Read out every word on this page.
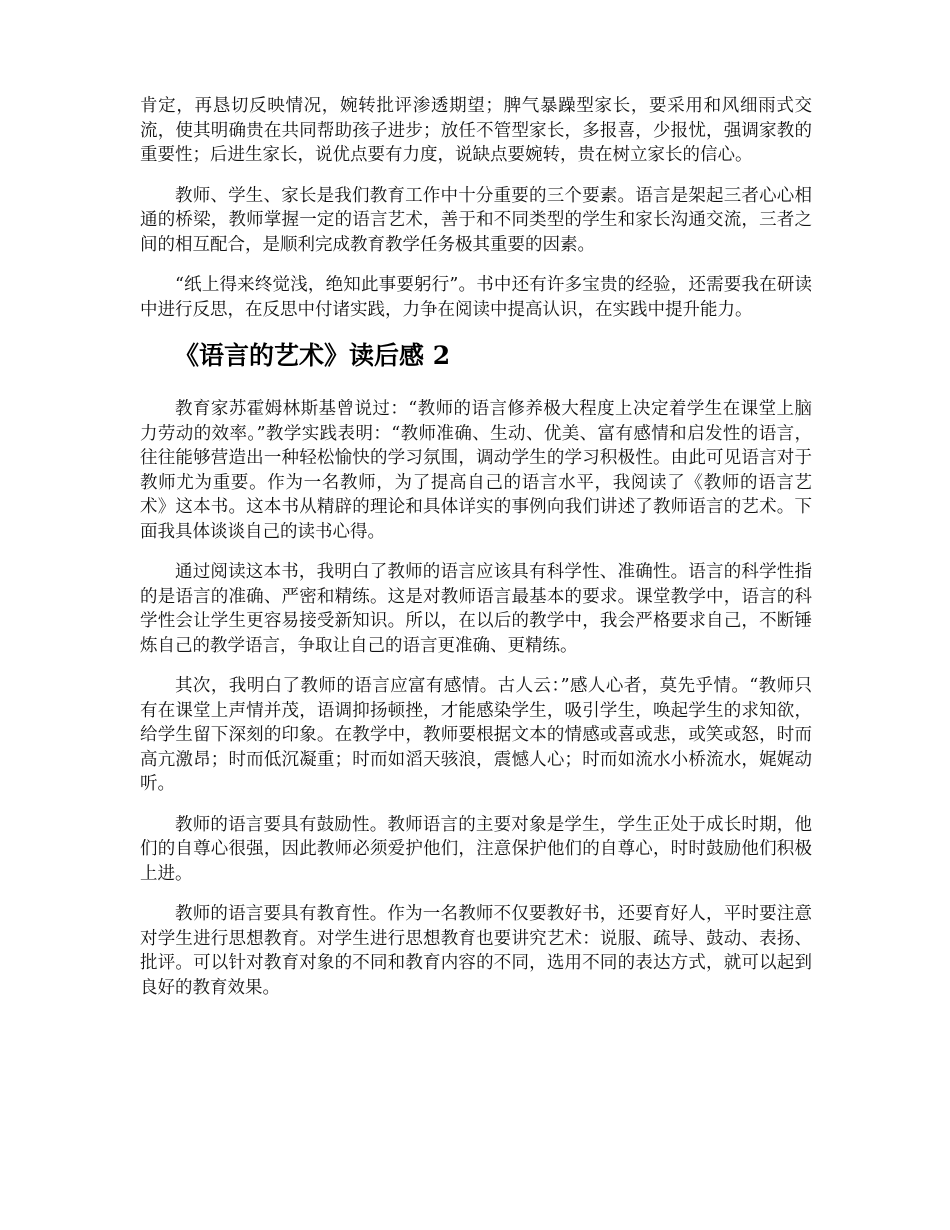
肯定，再恳切反映情况，婉转批评渗透期望；脾气暴躁型家长，要采用和风细雨式交流，使其明确贵在共同帮助孩子进步；放任不管型家长，多报喜，少报忧，强调家教的重要性；后进生家长，说优点要有力度，说缺点要婉转，贵在树立家长的信心。

教师、学生、家长是我们教育工作中十分重要的三个要素。语言是架起三者心心相通的桥梁，教师掌握一定的语言艺术，善于和不同类型的学生和家长沟通交流，三者之间的相互配合，是顺利完成教育教学任务极其重要的因素。

“纸上得来终觉浅，绝知此事要躬行”。书中还有许多宝贵的经验，还需要我在研读中进行反思，在反思中付诸实践，力争在阅读中提高认识，在实践中提升能力。

《语言的艺术》读后感 2

教育家苏霍姆林斯基曾说过：“教师的语言修养极大程度上决定着学生在课堂上脑力劳动的效率。”教学实践表明：“教师准确、生动、优美、富有感情和启发性的语言，往往能够营造出一种轻松愉快的学习氛围，调动学生的学习积极性。由此可见语言对于教师尤为重要。作为一名教师，为了提高自己的语言水平，我阅读了《教师的语言艺术》这本书。这本书从精辟的理论和具体详实的事例向我们讲述了教师语言的艺术。下面我具体谈谈自己的读书心得。

通过阅读这本书，我明白了教师的语言应该具有科学性、准确性。语言的科学性指的是语言的准确、严密和精练。这是对教师语言最基本的要求。课堂教学中，语言的科学性会让学生更容易接受新知识。所以，在以后的教学中，我会严格要求自己，不断锤炼自己的教学语言，争取让自己的语言更准确、更精练。

其次，我明白了教师的语言应富有感情。古人云：”感人心者，莫先乎情。“教师只有在课堂上声情并茂，语调抑扬顿挫，才能感染学生，吸引学生，唤起学生的求知欲，给学生留下深刻的印象。在教学中，教师要根据文本的情感或喜或悲，或笑或怒，时而高亢激昂；时而低沉凝重；时而如滔天骇浪，震憾人心；时而如流水小桥流水，娓娓动听。

教师的语言要具有鼓励性。教师语言的主要对象是学生，学生正处于成长时期，他们的自尊心很强，因此教师必须爱护他们，注意保护他们的自尊心，时时鼓励他们积极上进。

教师的语言要具有教育性。作为一名教师不仅要教好书，还要育好人，平时要注意对学生进行思想教育。对学生进行思想教育也要讲究艺术：说服、疏导、鼓动、表扬、批评。可以针对教育对象的不同和教育内容的不同，选用不同的表达方式，就可以起到良好的教育效果。
